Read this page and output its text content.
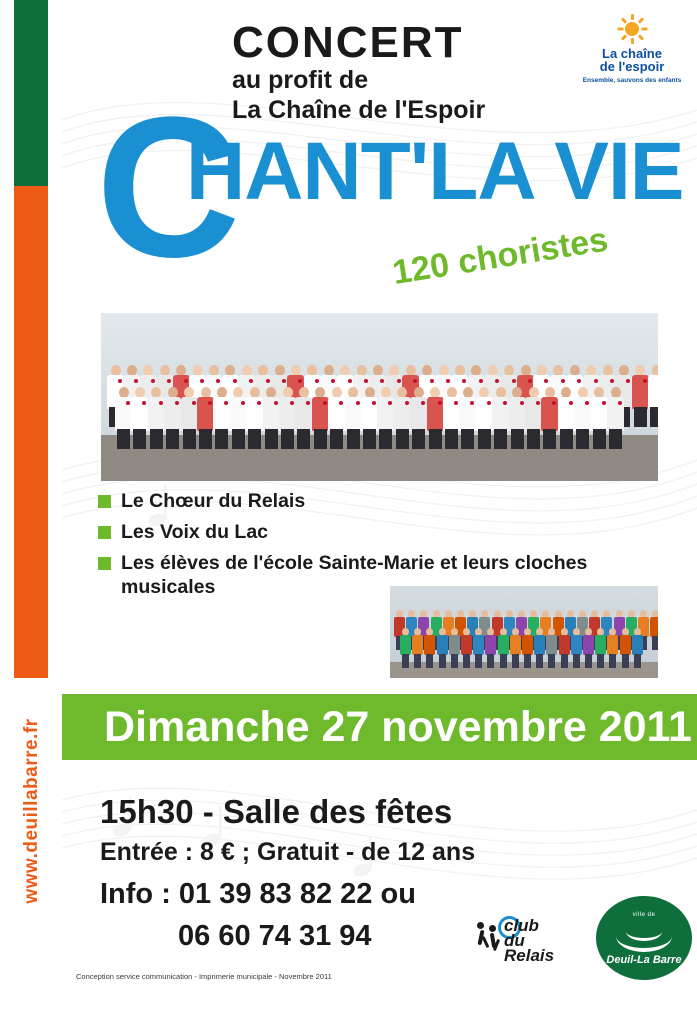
www.deuillabarre.fr
CONCERT
au profit de
La Chaîne de l'Espoir
La chaîne
de l'espoir
Ensemble, sauvons des enfants
C
HANT'LA VIE
120 choristes
Le Chœur du Relais
Les Voix du Lac
Les élèves de l'école Sainte-Marie et leurs cloches musicales
Dimanche 27 novembre 2011
15h30 - Salle des fêtes
Entrée : 8 € ; Gratuit - de 12 ans
Info : 01 39 83 82 22 ou
06 60 74 31 94
Conception service communication - Imprimerie municipale - Novembre 2011
club
du
Relais
ville de
Deuil-La Barre
